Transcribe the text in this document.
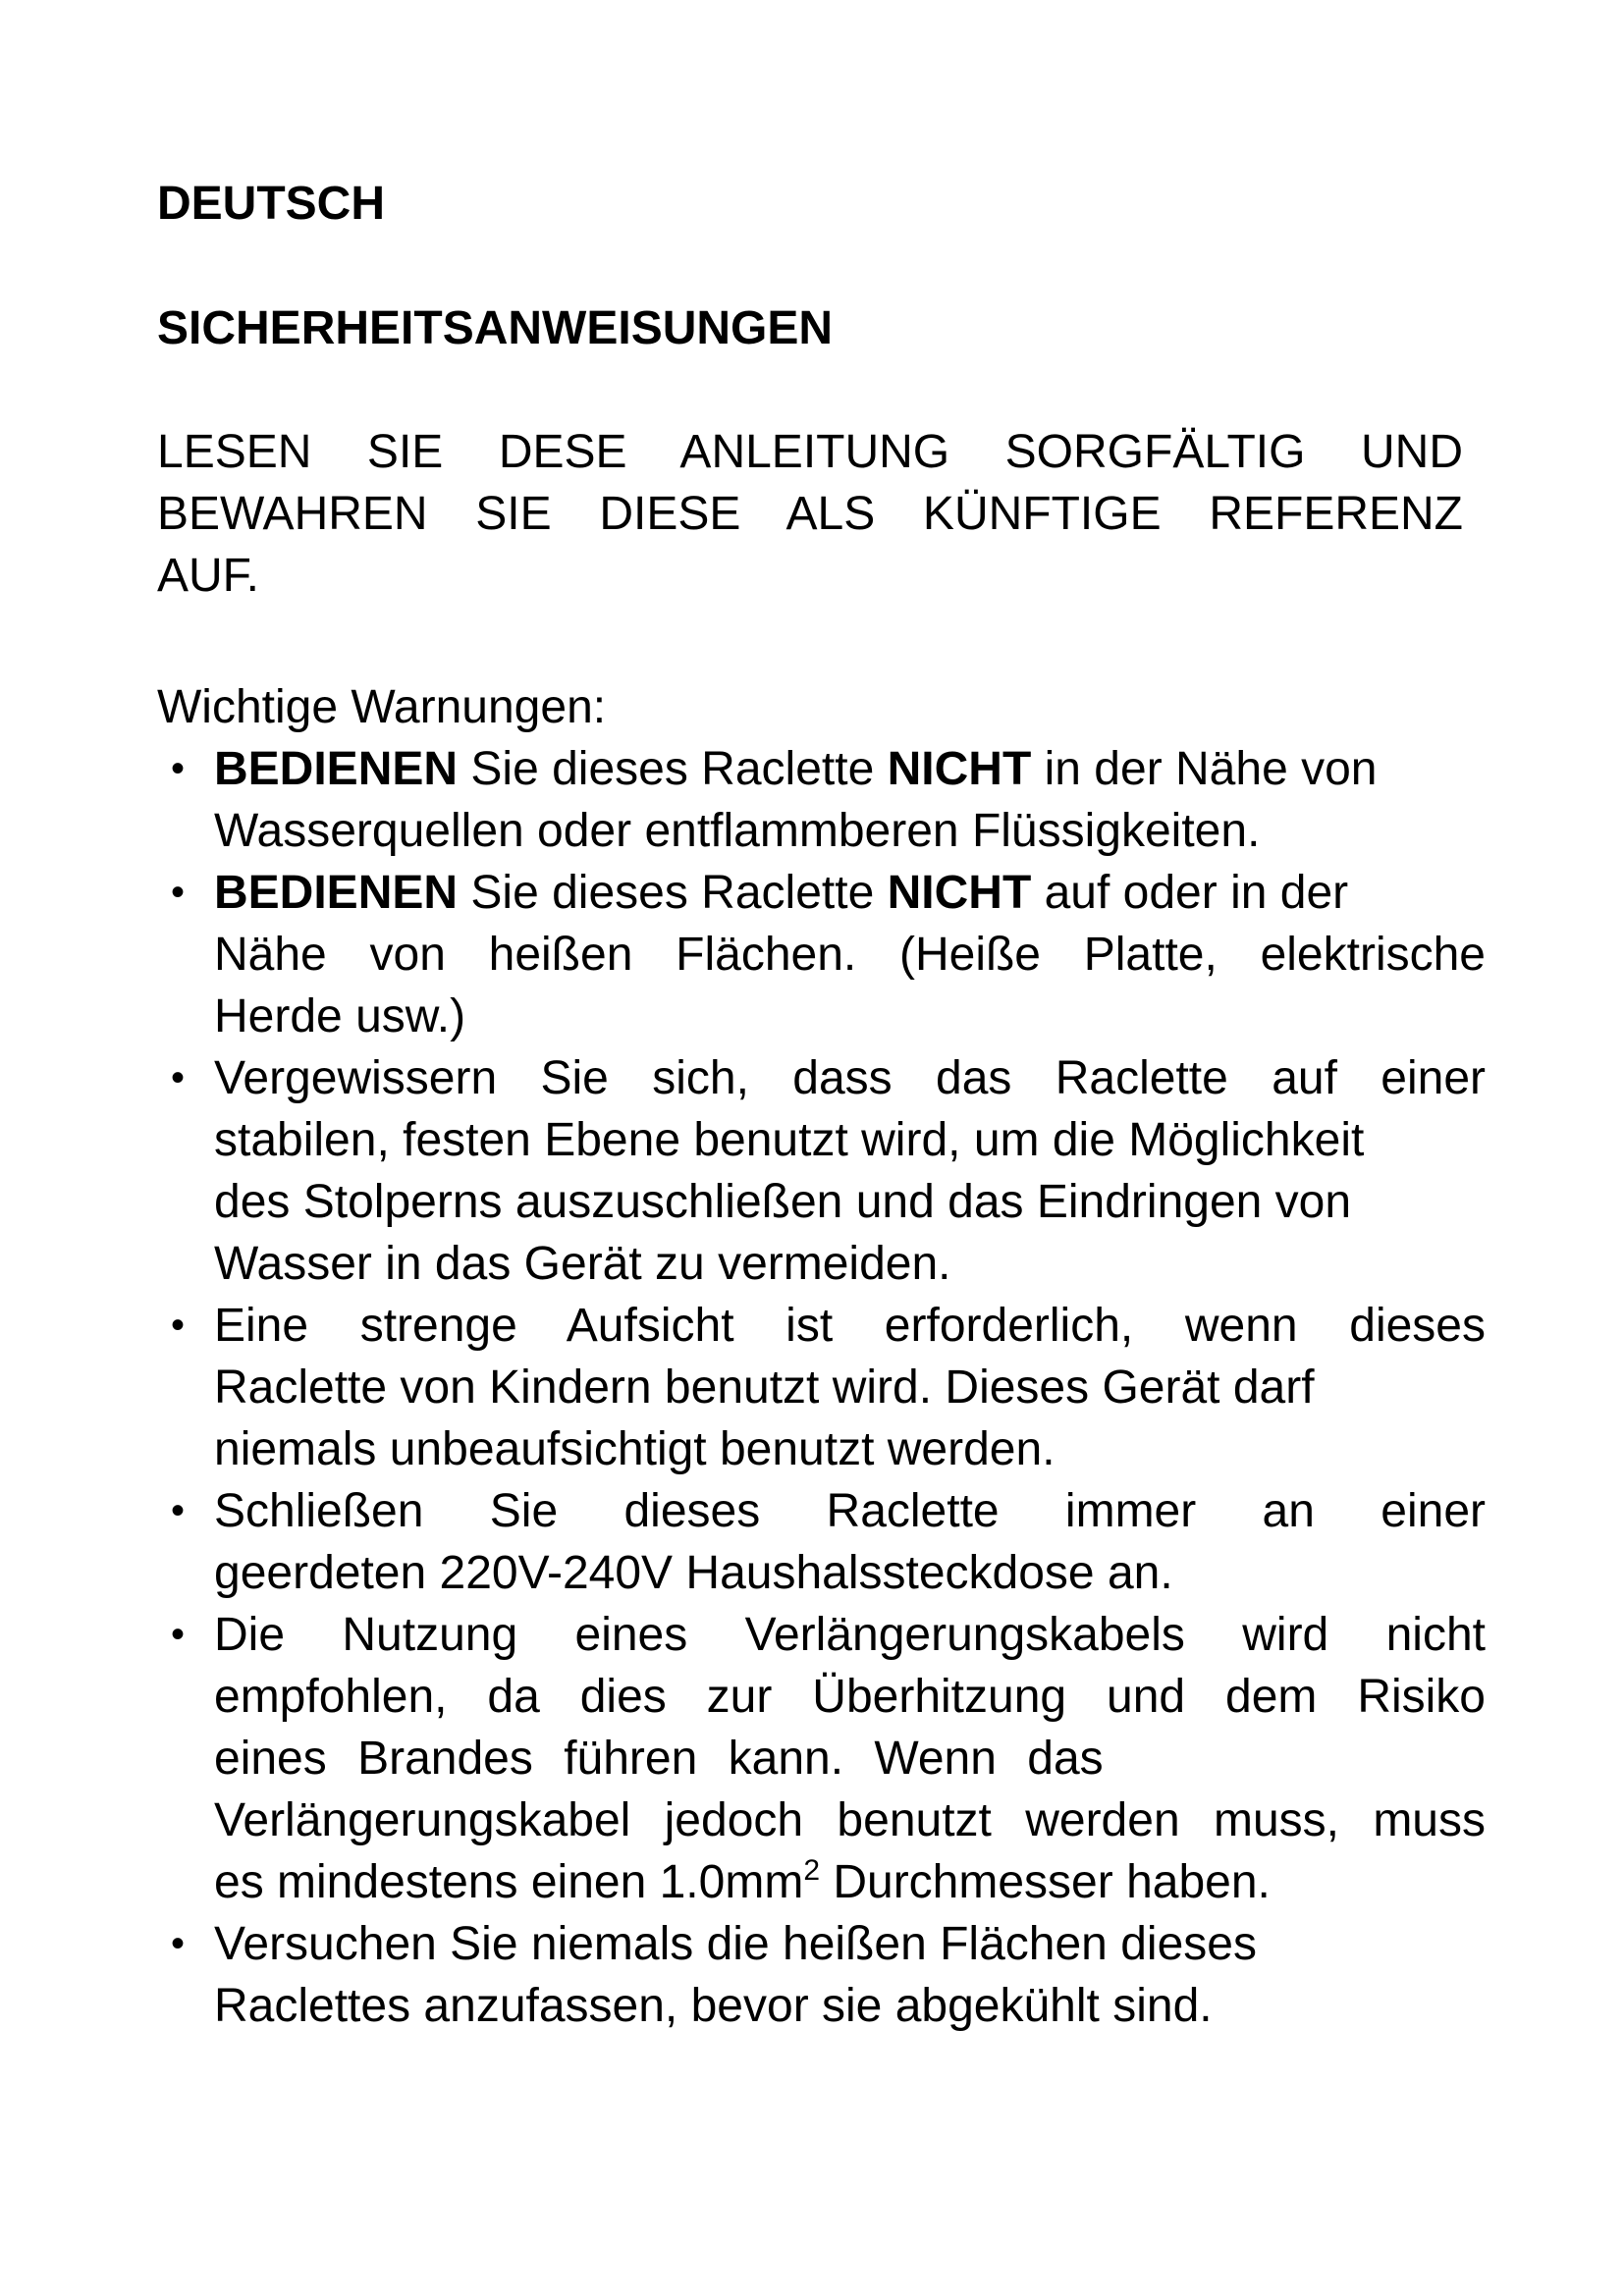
DEUTSCH

SICHERHEITSANWEISUNGEN

LESEN SIE DESE ANLEITUNG SORGFÄLTIG UND
BEWAHREN SIE DIESE ALS KÜNFTIGE REFERENZ
AUF.

Wichtige Warnungen:

• BEDIENEN Sie dieses Raclette NICHT in der Nähe von
Wasserquellen oder entflammberen Flüssigkeiten.
• BEDIENEN Sie dieses Raclette NICHT auf oder in der
Nähe von heißen Flächen. (Heiße Platte, elektrische
Herde usw.)
• Vergewissern Sie sich, dass das Raclette auf einer
stabilen, festen Ebene benutzt wird, um die Möglichkeit
des Stolperns auszuschließen und das Eindringen von
Wasser in das Gerät zu vermeiden.
• Eine strenge Aufsicht ist erforderlich, wenn dieses
Raclette von Kindern benutzt wird. Dieses Gerät darf
niemals unbeaufsichtigt benutzt werden.
• Schließen Sie dieses Raclette immer an einer
geerdeten 220V-240V Haushalssteckdose an.
• Die Nutzung eines Verlängerungskabels wird nicht
empfohlen, da dies zur Überhitzung und dem Risiko
eines Brandes führen kann. Wenn das
Verlängerungskabel jedoch benutzt werden muss, muss
es mindestens einen $1.0mm^2$ Durchmesser haben.
• Versuchen Sie niemals die heißen Flächen dieses
Raclettes anzufassen, bevor sie abgekühlt sind.
